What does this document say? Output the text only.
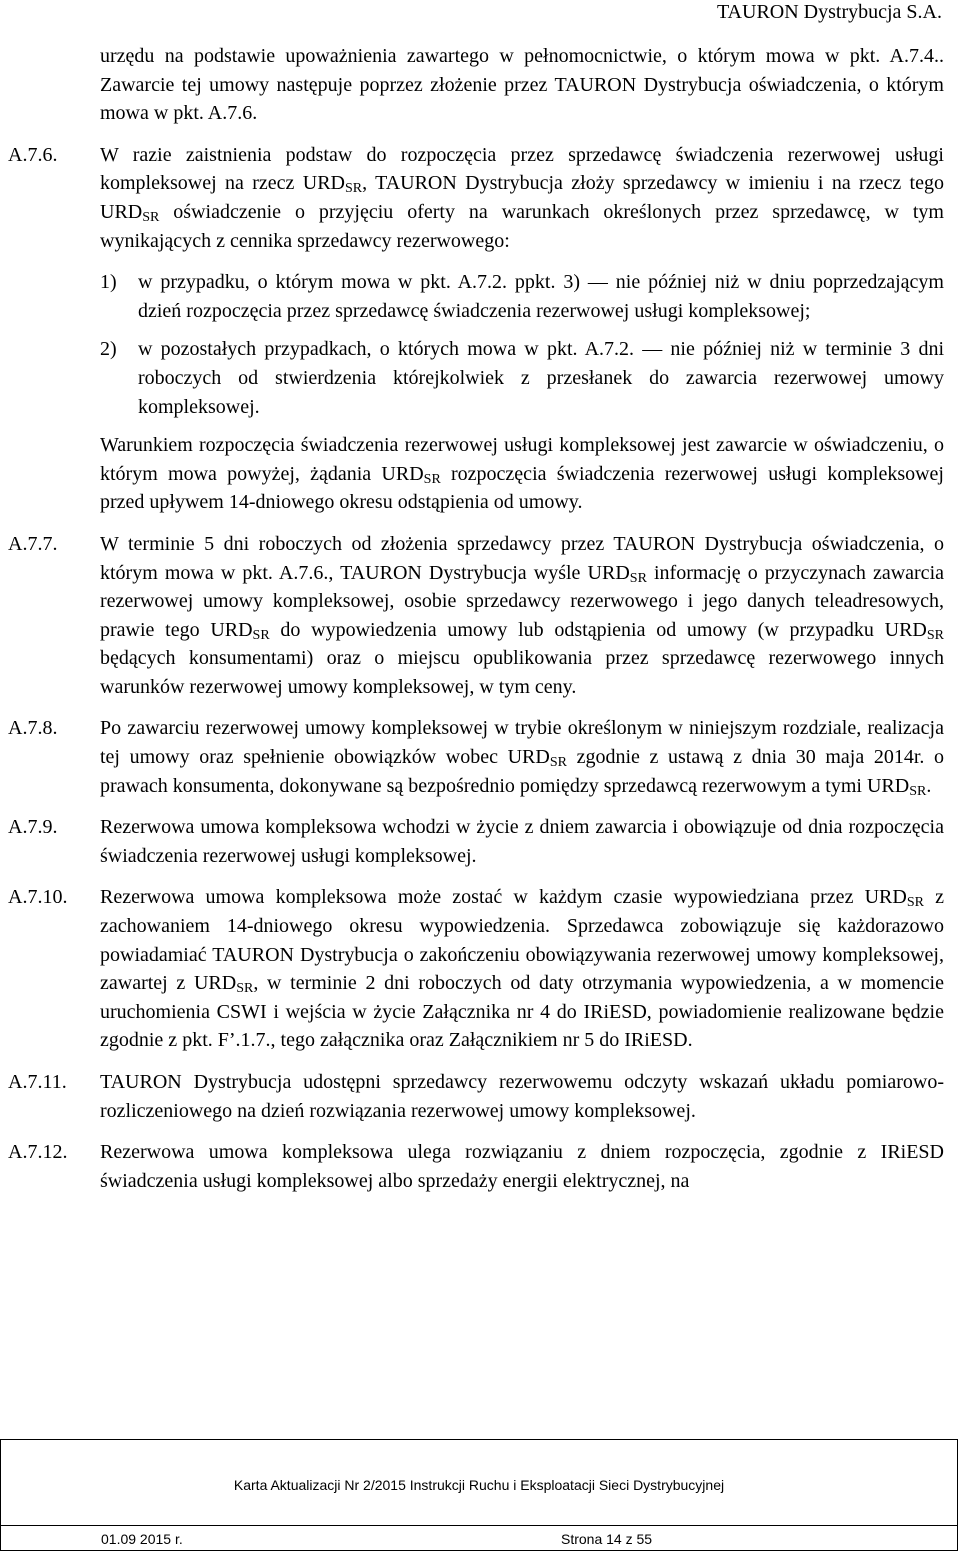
TAURON Dystrybucja S.A.
urzędu na podstawie upoważnienia zawartego w pełnomocnictwie, o którym mowa w pkt. A.7.4.. Zawarcie tej umowy następuje poprzez złożenie przez TAURON Dystrybucja oświadczenia, o którym mowa w pkt. A.7.6.
A.7.6. W razie zaistnienia podstaw do rozpoczęcia przez sprzedawcę świadczenia rezerwowej usługi kompleksowej na rzecz $URD_{SR}$, TAURON Dystrybucja złoży sprzedawcy w imieniu i na rzecz tego $URD_{SR}$ oświadczenie o przyjęciu oferty na warunkach określonych przez sprzedawcę, w tym wynikających z cennika sprzedawcy rezerwowego:
1) w przypadku, o którym mowa w pkt. A.7.2. ppkt. 3) ― nie później niż w dniu poprzedzającym dzień rozpoczęcia przez sprzedawcę świadczenia rezerwowej usługi kompleksowej;
2) w pozostałych przypadkach, o których mowa w pkt. A.7.2. ― nie później niż w terminie 3 dni roboczych od stwierdzenia którejkolwiek z przesłanek do zawarcia rezerwowej umowy kompleksowej.
Warunkiem rozpoczęcia świadczenia rezerwowej usługi kompleksowej jest zawarcie w oświadczeniu, o którym mowa powyżej, żądania $URD_{SR}$ rozpoczęcia świadczenia rezerwowej usługi kompleksowej przed upływem 14-dniowego okresu odstąpienia od umowy.
A.7.7. W terminie 5 dni roboczych od złożenia sprzedawcy przez TAURON Dystrybucja oświadczenia, o którym mowa w pkt. A.7.6., TAURON Dystrybucja wyśle $URD_{SR}$ informację o przyczynach zawarcia rezerwowej umowy kompleksowej, osobie sprzedawcy rezerwowego i jego danych teleadresowych, prawie tego $URD_{SR}$ do wypowiedzenia umowy lub odstąpienia od umowy (w przypadku $URD_{SR}$ będących konsumentami) oraz o miejscu opublikowania przez sprzedawcę rezerwowego innych warunków rezerwowej umowy kompleksowej, w tym ceny.
A.7.8. Po zawarciu rezerwowej umowy kompleksowej w trybie określonym w niniejszym rozdziale, realizacja tej umowy oraz spełnienie obowiązków wobec $URD_{SR}$ zgodnie z ustawą z dnia 30 maja 2014r. o prawach konsumenta, dokonywane są bezpośrednio pomiędzy sprzedawcą rezerwowym a tymi $URD_{SR}$.
A.7.9. Rezerwowa umowa kompleksowa wchodzi w życie z dniem zawarcia i obowiązuje od dnia rozpoczęcia świadczenia rezerwowej usługi kompleksowej.
A.7.10. Rezerwowa umowa kompleksowa może zostać w każdym czasie wypowiedziana przez $URD_{SR}$ z zachowaniem 14-dniowego okresu wypowiedzenia. Sprzedawca zobowiązuje się każdorazowo powiadamiać TAURON Dystrybucja o zakończeniu obowiązywania rezerwowej umowy kompleksowej, zawartej z $URD_{SR}$, w terminie 2 dni roboczych od daty otrzymania wypowiedzenia, a w momencie uruchomienia CSWI i wejścia w życie Załącznika nr 4 do IRiESD, powiadomienie realizowane będzie zgodnie z pkt. F’.1.7., tego załącznika oraz Załącznikiem nr 5 do IRiESD.
A.7.11. TAURON Dystrybucja udostępni sprzedawcy rezerwowemu odczyty wskazań układu pomiarowo-rozliczeniowego na dzień rozwiązania rezerwowej umowy kompleksowej.
A.7.12. Rezerwowa umowa kompleksowa ulega rozwiązaniu z dniem rozpoczęcia, zgodnie z IRiESD świadczenia usługi kompleksowej albo sprzedaży energii elektrycznej, na
Karta Aktualizacji Nr 2/2015 Instrukcji Ruchu i Eksploatacji Sieci Dystrybucyjnej
01.09 2015 r.	Strona 14 z 55
